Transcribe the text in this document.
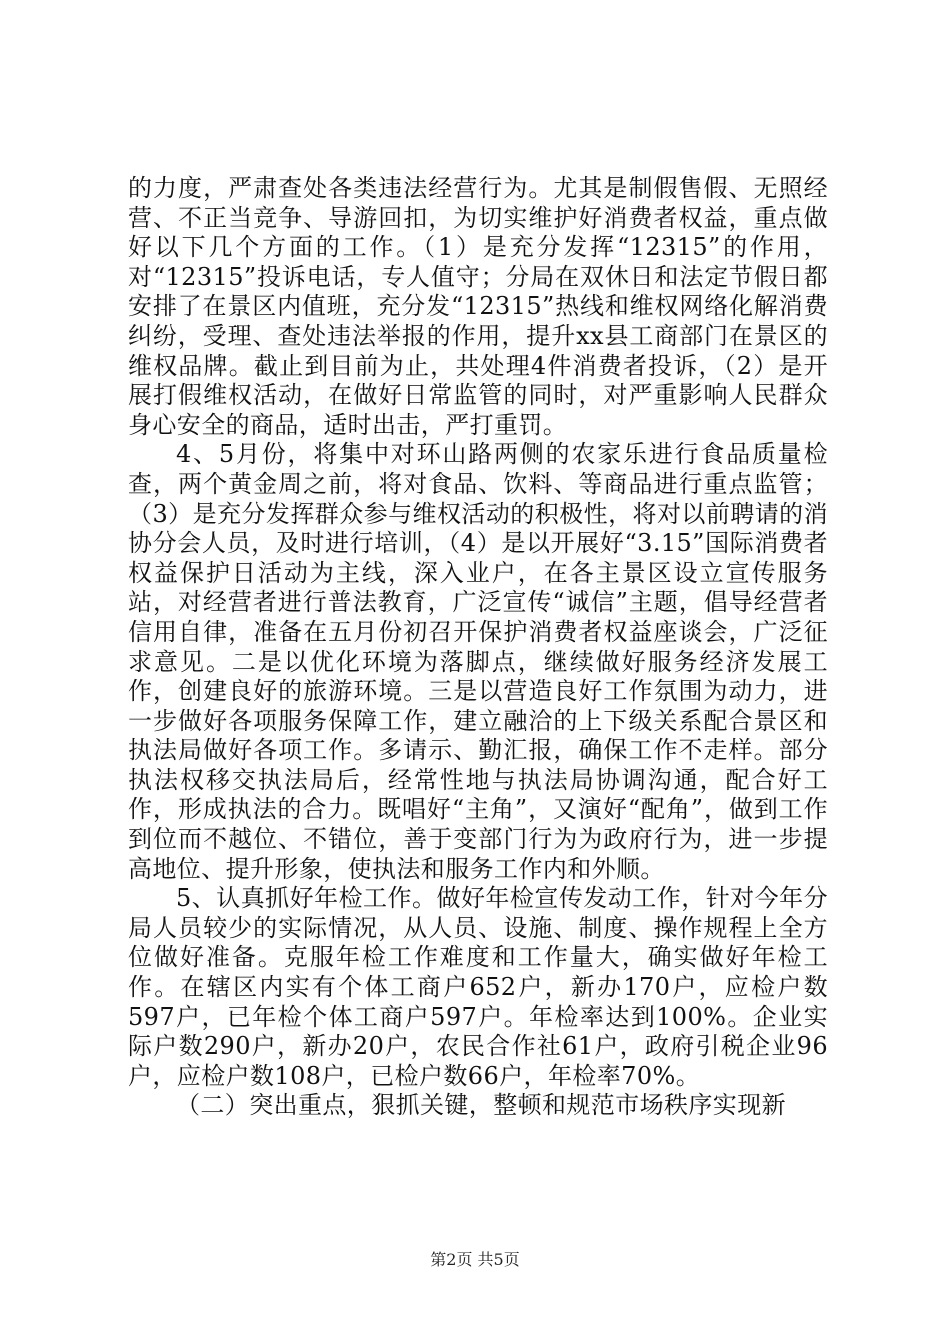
的力度，严肃查处各类违法经营行为。尤其是制假售假、无照经营、不正当竞争、导游回扣，为切实维护好消费者权益，重点做好以下几个方面的工作。（1）是充分发挥“12315”的作用，对“12315”投诉电话，专人值守；分局在双休日和法定节假日都安排了在景区内值班，充分发“12315”热线和维权网络化解消费纠纷，受理、查处违法举报的作用，提升xx县工商部门在景区的维权品牌。截止到目前为止，共处理4件消费者投诉，（2）是开展打假维权活动，在做好日常监管的同时，对严重影响人民群众身心安全的商品，适时出击，严打重罚。

4、5月份，将集中对环山路两侧的农家乐进行食品质量检查，两个黄金周之前，将对食品、饮料、等商品进行重点监管；（3）是充分发挥群众参与维权活动的积极性，将对以前聘请的消协分会人员，及时进行培训，（4）是以开展好“3.15”国际消费者权益保护日活动为主线，深入业户，在各主景区设立宣传服务站，对经营者进行普法教育，广泛宣传“诚信”主题，倡导经营者信用自律，准备在五月份初召开保护消费者权益座谈会，广泛征求意见。二是以优化环境为落脚点，继续做好服务经济发展工作，创建良好的旅游环境。三是以营造良好工作氛围为动力，进一步做好各项服务保障工作，建立融洽的上下级关系配合景区和执法局做好各项工作。多请示、勤汇报，确保工作不走样。部分执法权移交执法局后，经常性地与执法局协调沟通，配合好工作，形成执法的合力。既唱好“主角”，又演好“配角”，做到工作到位而不越位、不错位，善于变部门行为为政府行为，进一步提高地位、提升形象，使执法和服务工作内和外顺。

5、认真抓好年检工作。做好年检宣传发动工作，针对今年分局人员较少的实际情况，从人员、设施、制度、操作规程上全方位做好准备。克服年检工作难度和工作量大，确实做好年检工作。在辖区内实有个体工商户652户，新办170户，应检户数597户，已年检个体工商户597户。年检率达到100%。企业实际户数290户，新办20户，农民合作社61户，政府引税企业96户，应检户数108户，已检户数66户，年检率70%。

（二）突出重点，狠抓关键，整顿和规范市场秩序实现新

第2页 共5页
